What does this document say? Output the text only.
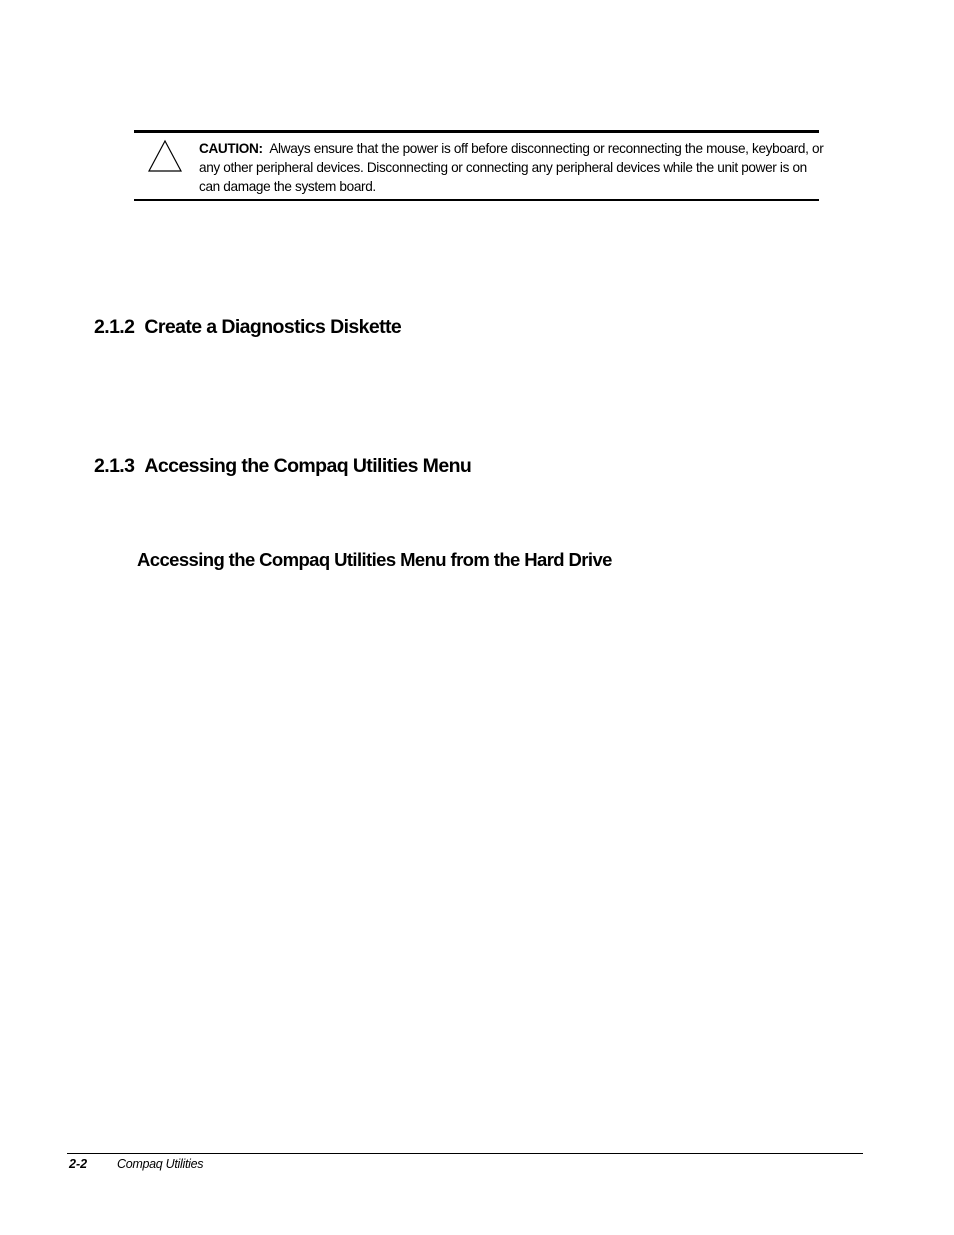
CAUTION: Always ensure that the power is off before disconnecting or reconnecting the mouse, keyboard, or any other peripheral devices. Disconnecting or connecting any peripheral devices while the unit power is on can damage the system board.
2.1.2 Create a Diagnostics Diskette
2.1.3 Accessing the Compaq Utilities Menu
Accessing the Compaq Utilities Menu from the Hard Drive
2-2 Compaq Utilities
